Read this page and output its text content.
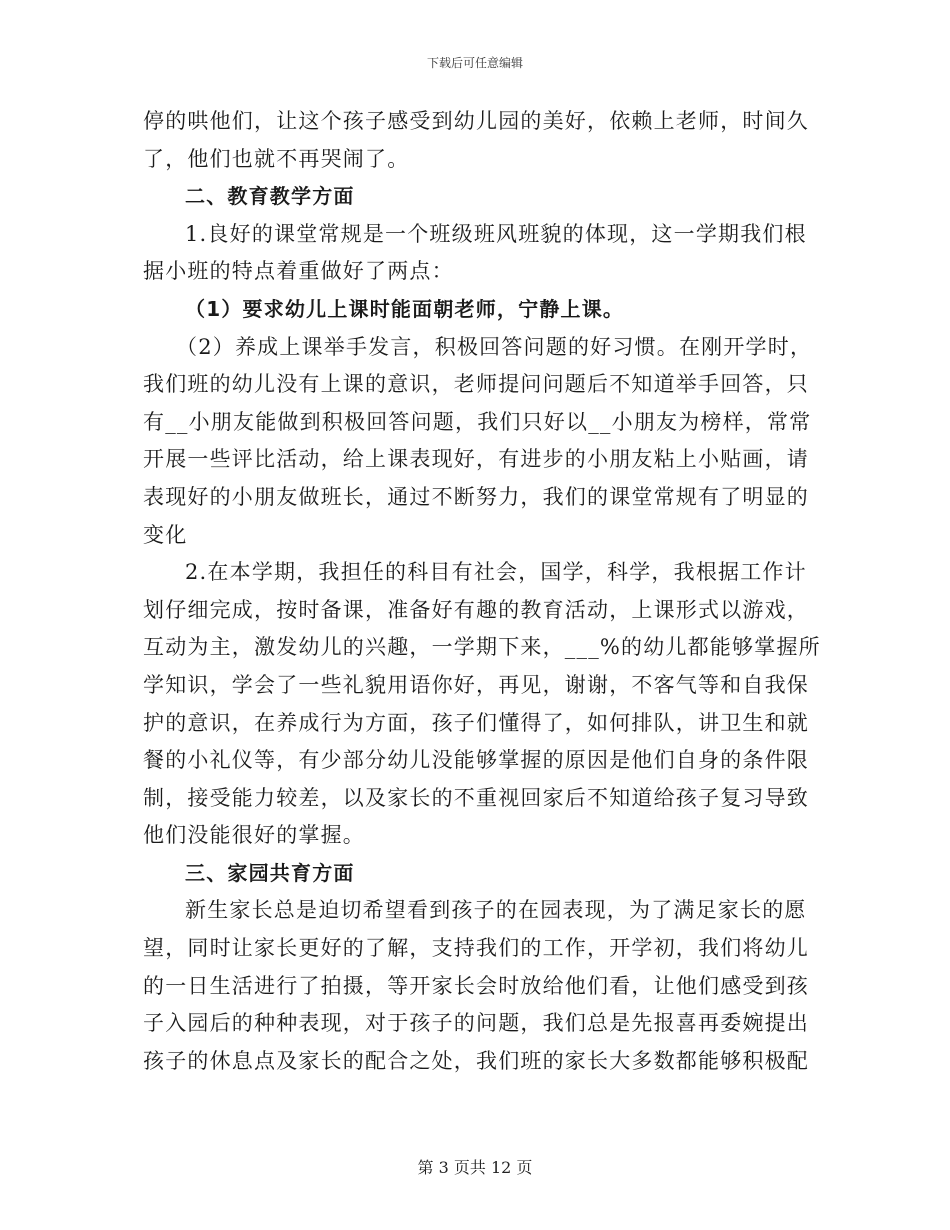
下载后可任意编辑
停的哄他们，让这个孩子感受到幼儿园的美好，依赖上老师，时间久
了，他们也就不再哭闹了。
二、教育教学方面
1.良好的课堂常规是一个班级班风班貌的体现，这一学期我们根
据小班的特点着重做好了两点：
（1）要求幼儿上课时能面朝老师，宁静上课。
（2）养成上课举手发言，积极回答问题的好习惯。在刚开学时，
我们班的幼儿没有上课的意识，老师提问问题后不知道举手回答，只
有__小朋友能做到积极回答问题，我们只好以__小朋友为榜样，常常
开展一些评比活动，给上课表现好，有进步的小朋友粘上小贴画，请
表现好的小朋友做班长，通过不断努力，我们的课堂常规有了明显的
变化
2.在本学期，我担任的科目有社会，国学，科学，我根据工作计
划仔细完成，按时备课，准备好有趣的教育活动，上课形式以游戏，
互动为主，激发幼儿的兴趣，一学期下来，___%的幼儿都能够掌握所
学知识，学会了一些礼貌用语你好，再见，谢谢，不客气等和自我保
护的意识，在养成行为方面，孩子们懂得了，如何排队，讲卫生和就
餐的小礼仪等，有少部分幼儿没能够掌握的原因是他们自身的条件限
制，接受能力较差，以及家长的不重视回家后不知道给孩子复习导致
他们没能很好的掌握。
三、家园共育方面
新生家长总是迫切希望看到孩子的在园表现，为了满足家长的愿
望，同时让家长更好的了解，支持我们的工作，开学初，我们将幼儿
的一日生活进行了拍摄，等开家长会时放给他们看，让他们感受到孩
子入园后的种种表现，对于孩子的问题，我们总是先报喜再委婉提出
孩子的休息点及家长的配合之处，我们班的家长大多数都能够积极配
第 3 页共 12 页
